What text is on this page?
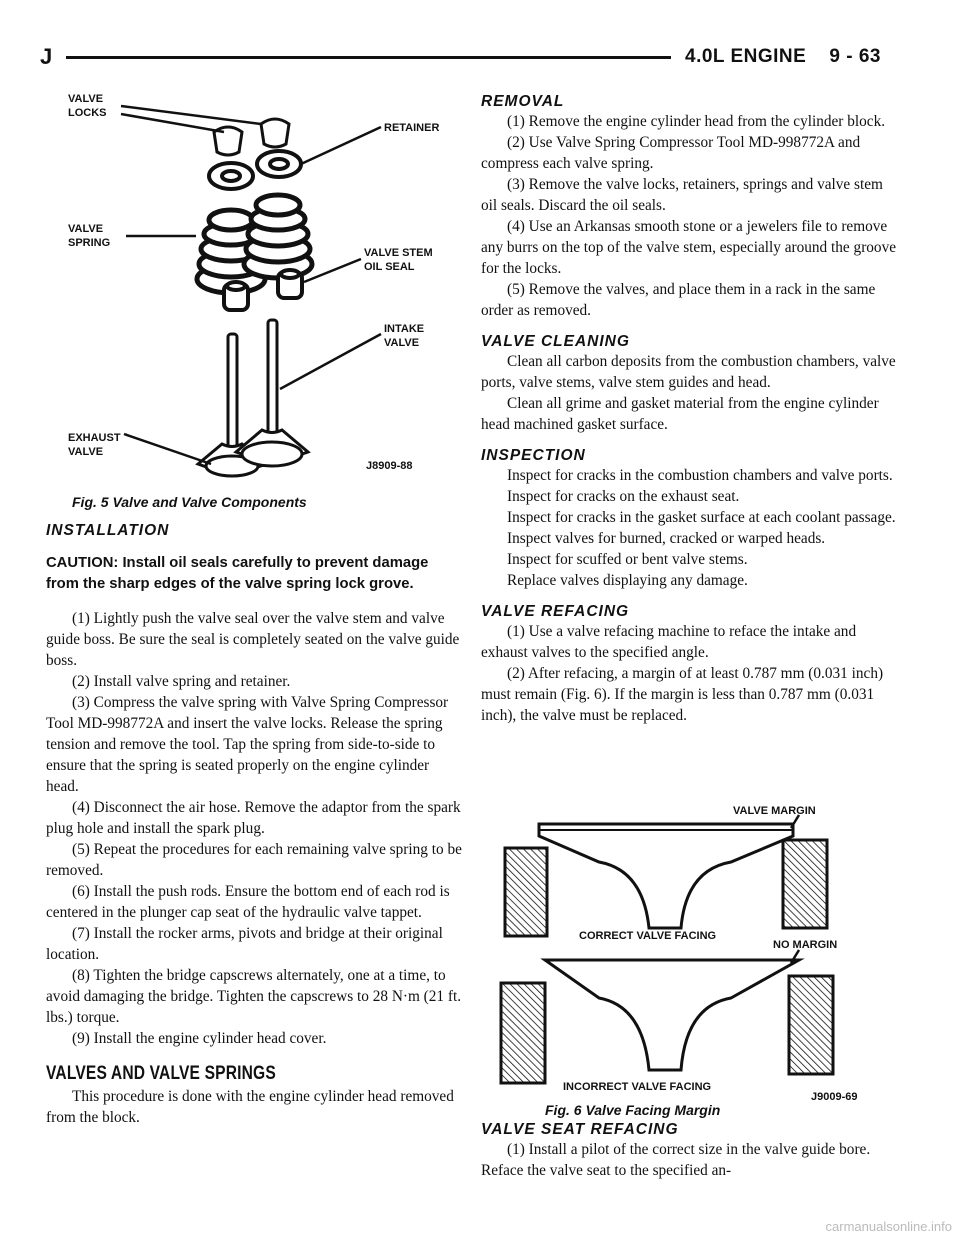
J	4.0L ENGINE    9 - 63
VALVE
LOCKS
RETAINER
VALVE
SPRING
VALVE STEM
OIL SEAL
INTAKE
VALVE
EXHAUST
VALVE
J8909-88
Fig. 5 Valve and Valve Components
INSTALLATION
CAUTION: Install oil seals carefully to prevent damage from the sharp edges of the valve spring lock grove.

(1) Lightly push the valve seal over the valve stem and valve guide boss. Be sure the seal is completely seated on the valve guide boss.

(2) Install valve spring and retainer.

(3) Compress the valve spring with Valve Spring Compressor Tool MD-998772A and insert the valve locks. Release the spring tension and remove the tool. Tap the spring from side-to-side to ensure that the spring is seated properly on the engine cylinder head.

(4) Disconnect the air hose. Remove the adaptor from the spark plug hole and install the spark plug.

(5) Repeat the procedures for each remaining valve spring to be removed.

(6) Install the push rods. Ensure the bottom end of each rod is centered in the plunger cap seat of the hydraulic valve tappet.

(7) Install the rocker arms, pivots and bridge at their original location.

(8) Tighten the bridge capscrews alternately, one at a time, to avoid damaging the bridge. Tighten the capscrews to 28 N·m (21 ft. lbs.) torque.

(9) Install the engine cylinder head cover.

VALVES AND VALVE SPRINGS

This procedure is done with the engine cylinder head removed from the block.

REMOVAL

(1) Remove the engine cylinder head from the cylinder block.

(2) Use Valve Spring Compressor Tool MD-998772A and compress each valve spring.

(3) Remove the valve locks, retainers, springs and valve stem oil seals. Discard the oil seals.

(4) Use an Arkansas smooth stone or a jewelers file to remove any burrs on the top of the valve stem, especially around the groove for the locks.

(5) Remove the valves, and place them in a rack in the same order as removed.

VALVE CLEANING

Clean all carbon deposits from the combustion chambers, valve ports, valve stems, valve stem guides and head.

Clean all grime and gasket material from the engine cylinder head machined gasket surface.

INSPECTION

Inspect for cracks in the combustion chambers and valve ports.

Inspect for cracks on the exhaust seat.

Inspect for cracks in the gasket surface at each coolant passage.

Inspect valves for burned, cracked or warped heads.

Inspect for scuffed or bent valve stems.

Replace valves displaying any damage.

VALVE REFACING

(1) Use a valve refacing machine to reface the intake and exhaust valves to the specified angle.

(2) After refacing, a margin of at least 0.787 mm (0.031 inch) must remain (Fig. 6). If the margin is less than 0.787 mm (0.031 inch), the valve must be replaced.

VALVE MARGIN
CORRECT VALVE FACING
NO MARGIN
INCORRECT VALVE FACING
J9009-69
Fig. 6 Valve Facing Margin
VALVE SEAT REFACING

(1) Install a pilot of the correct size in the valve guide bore. Reface the valve seat to the specified an-

carmanualsonline.info
